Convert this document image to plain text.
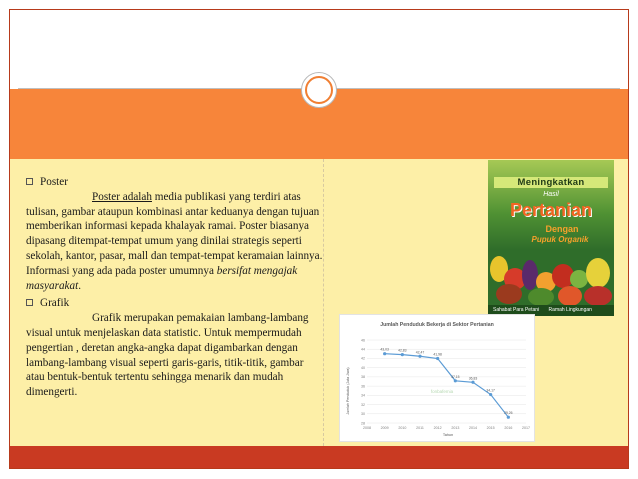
Poster
Poster adalah media publikasi yang terdiri atas tulisan, gambar ataupun kombinasi antar keduanya dengan tujuan memberikan informasi kepada khalayak ramai. Poster biasanya dipasang ditempat-tempat umum yang dinilai strategis seperti sekolah, kantor, pasar, mall dan tempat-tempat keramaian lainnya. Informasi yang ada pada poster umumnya bersifat mengajak masyarakat.
Grafik
Grafik merupakan pemakaian lambang-lambang visual untuk menjelaskan data statistic. Untuk mempermudah pengertian , deretan angka-angka dapat digambarkan dengan lambang-lambang visual seperti garis-garis, titik-titik, gambar atau bentuk-bentuk tertentu sehingga menarik dan mudah dimengerti.
Meningkatkan
Hasil
Pertanian
Dengan
Pupuk Organik
Sahabat Para Petani Ramah Lingkungan
Jumlah Penduduk Bekerja di Sektor Pertanian
Jumlah Penduduk (Juta Jiwa)
Tahun
fonbafemia
28
30
32
34
36
38
40
42
44
46
2008	2009	2010	2011	2012	2013	2014	2015	2016	2017
43,03	42,83	42,47
41,98
37,15	36,83
34,17
29,26
